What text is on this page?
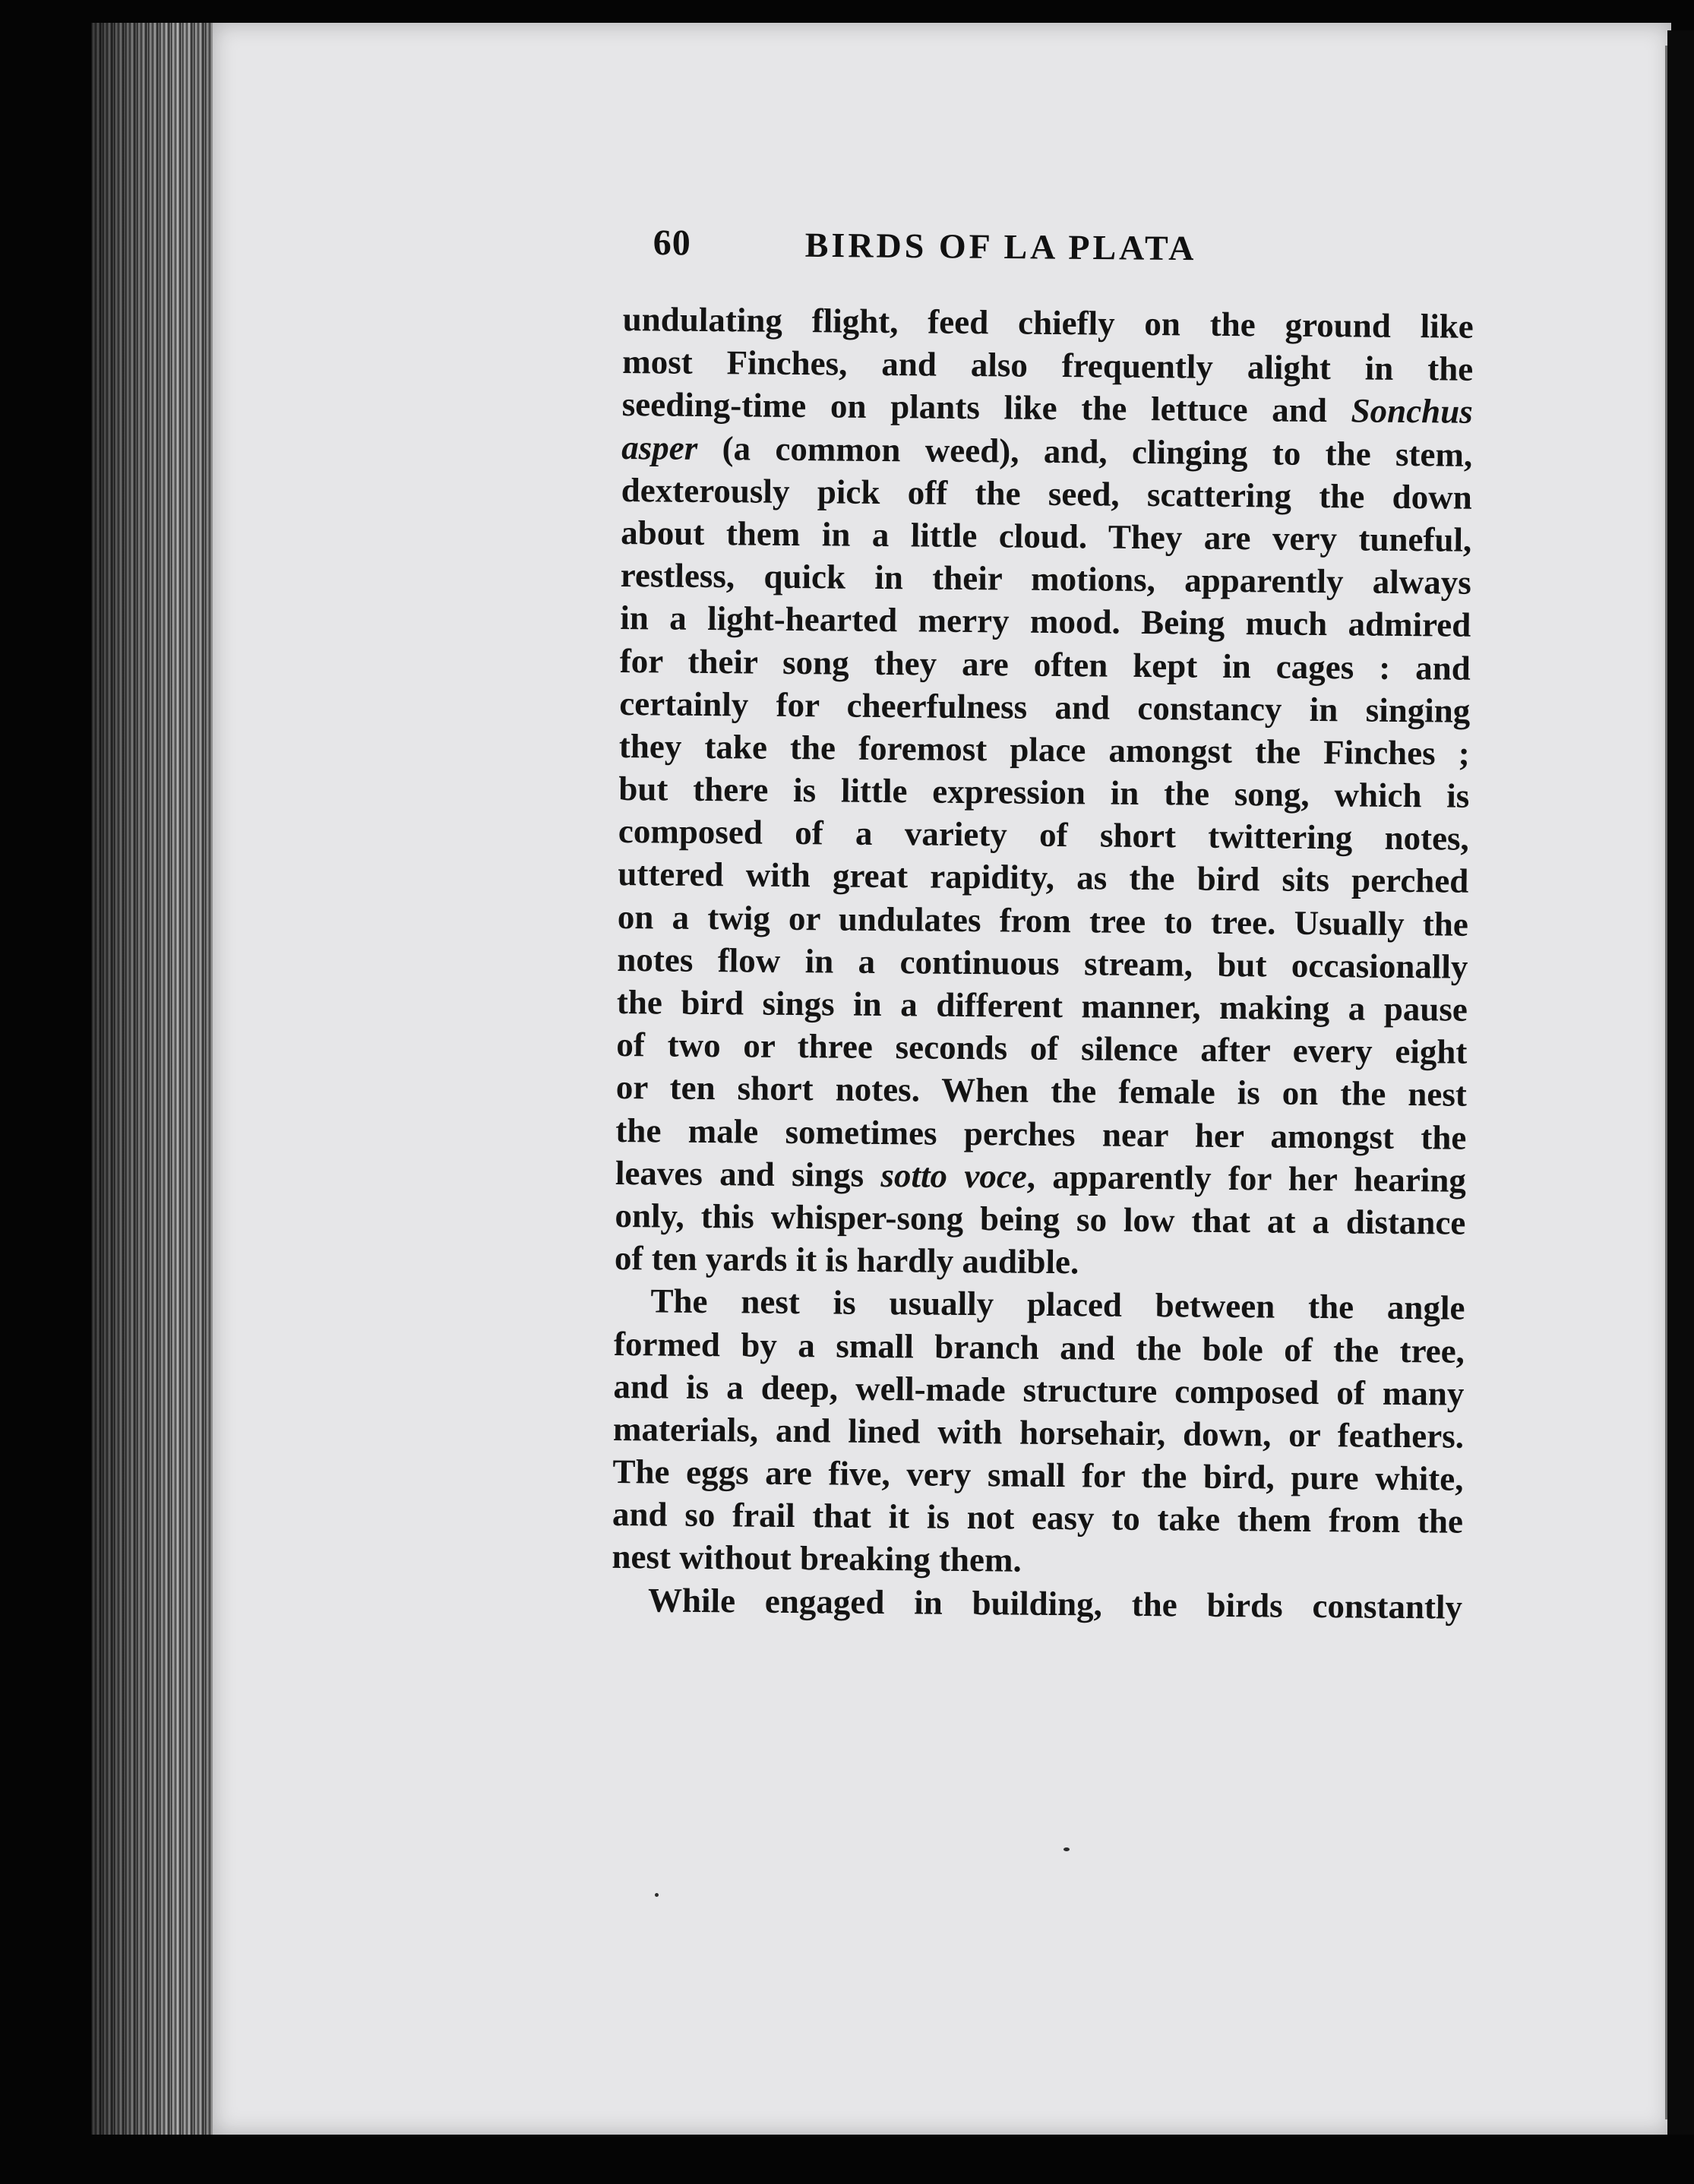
60	BIRDS OF LA PLATA
undulating flight, feed chiefly on the ground like
most Finches, and also frequently alight in the
seeding-time on plants like the lettuce and Sonchus
asper (a common weed), and, clinging to the stem,
dexterously pick off the seed, scattering the down
about them in a little cloud. They are very tuneful,
restless, quick in their motions, apparently always
in a light-hearted merry mood. Being much admired
for their song they are often kept in cages : and
certainly for cheerfulness and constancy in singing
they take the foremost place amongst the Finches ;
but there is little expression in the song, which is
composed of a variety of short twittering notes,
uttered with great rapidity, as the bird sits perched
on a twig or undulates from tree to tree. Usually the
notes flow in a continuous stream, but occasionally
the bird sings in a different manner, making a pause
of two or three seconds of silence after every eight
or ten short notes. When the female is on the nest
the male sometimes perches near her amongst the
leaves and sings sotto voce, apparently for her hearing
only, this whisper-song being so low that at a distance
of ten yards it is hardly audible.
The nest is usually placed between the angle
formed by a small branch and the bole of the tree,
and is a deep, well-made structure composed of many
materials, and lined with horsehair, down, or feathers.
The eggs are five, very small for the bird, pure white,
and so frail that it is not easy to take them from the
nest without breaking them.
While engaged in building, the birds constantly
